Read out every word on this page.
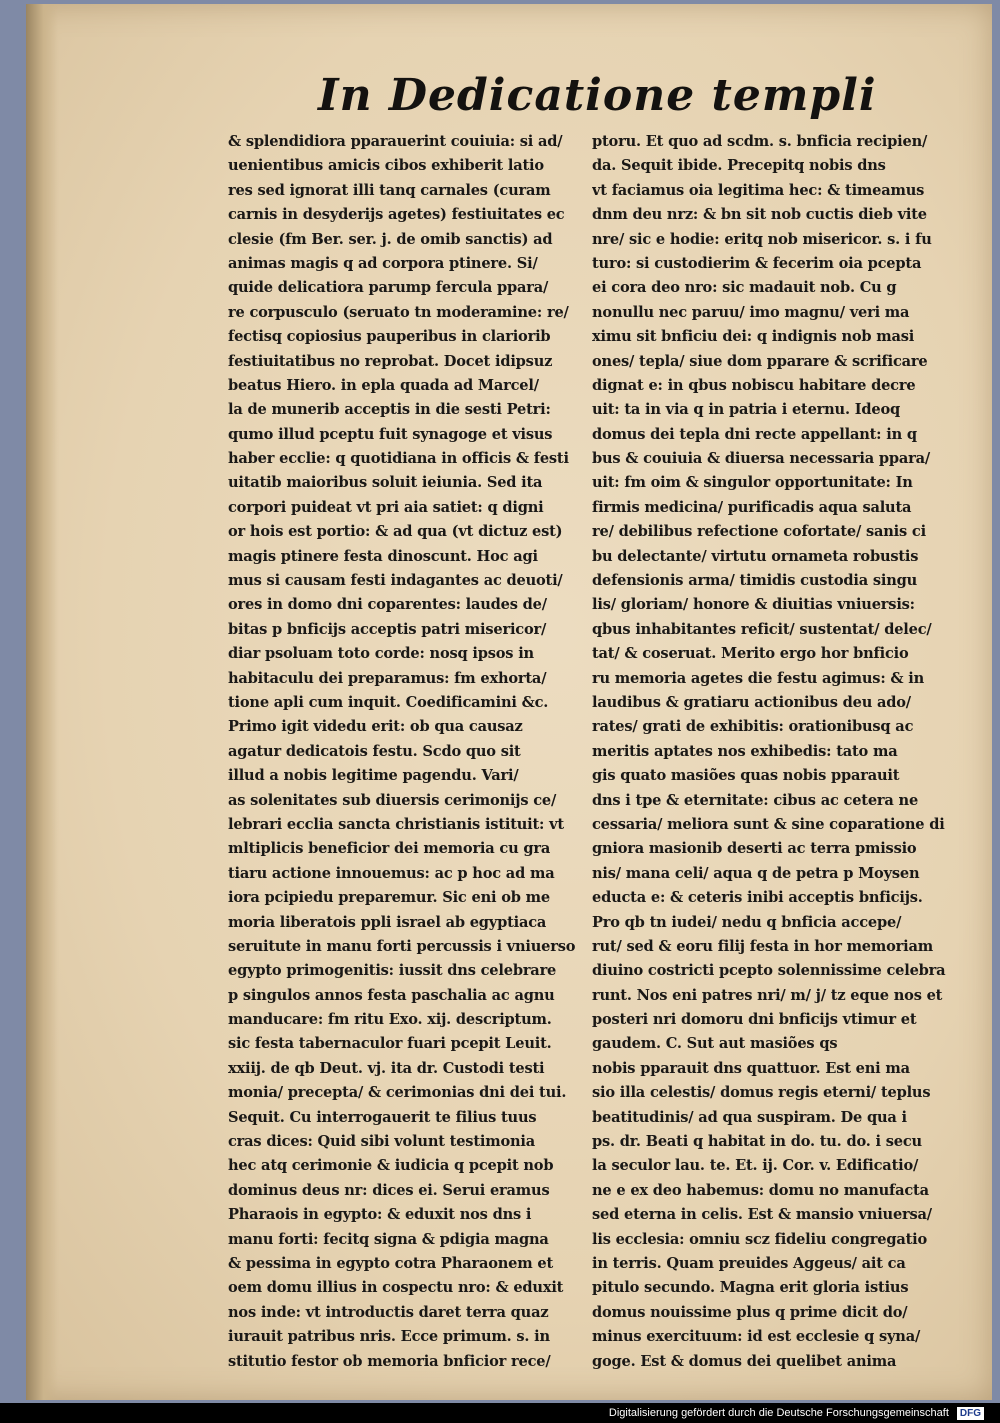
In Dedicatione templi
& splendidiora pparauerint couiuia: si ad/
uenientibus amicis cibos exhiberit latio
res sed ignorat illi tanq carnales (curam
carnis in desyderijs agetes) festiuitates ec
clesie (fm Ber. ser. j. de omib sanctis) ad
animas magis q ad corpora ptinere. Si/
quide delicatiora parump fercula ppara/
re corpusculo (seruato tn moderamine: re/
fectisq copiosius pauperibus in clariorib
festiuitatibus no reprobat. Docet idipsuz
beatus Hiero. in epla quada ad Marcel/
la de munerib acceptis in die sesti Petri:
qumo illud pceptu fuit synagoge et visus
haber ecclie: q quotidiana in officis & festi
uitatib maioribus soluit ieiunia. Sed ita
corpori puideat vt pri aia satiet: q digni
or hois est portio: & ad qua (vt dictuz est)
magis ptinere festa dinoscunt. Hoc agi
mus si causam festi indagantes ac deuoti/
ores in domo dni coparentes: laudes de/
bitas p bnficijs acceptis patri misericor/
diar psoluam toto corde: nosq ipsos in
habitaculu dei preparamus: fm exhorta/
tione apli cum inquit. Coedificamini &c.
Primo igit videdu erit: ob qua causaz
agatur dedicatois festu. Scdo quo sit
illud a nobis legitime pagendu. Vari/
as solenitates sub diuersis cerimonijs ce/
lebrari ecclia sancta christianis istituit: vt
mltiplicis beneficior dei memoria cu gra
tiaru actione innouemus: ac p hoc ad ma
iora pcipiedu preparemur. Sic eni ob me
moria liberatois ppli israel ab egyptiaca
seruitute in manu forti percussis i vniuerso
egypto primogenitis: iussit dns celebrare
p singulos annos festa paschalia ac agnu
manducare: fm ritu Exo. xij. descriptum.
sic festa tabernaculor fuari pcepit Leuit.
xxiij. de qb Deut. vj. ita dr. Custodi testi
monia/ precepta/ & cerimonias dni dei tui.
Sequit. Cu interrogauerit te filius tuus
cras dices: Quid sibi volunt testimonia
hec atq cerimonie & iudicia q pcepit nob
dominus deus nr: dices ei. Serui eramus
Pharaois in egypto: & eduxit nos dns i
manu forti: fecitq signa & pdigia magna
& pessima in egypto cotra Pharaonem et
oem domu illius in cospectu nro: & eduxit
nos inde: vt introductis daret terra quaz
iurauit patribus nris. Ecce primum. s. in
stitutio festor ob memoria bnficior rece/
ptoru. Et quo ad scdm. s. bnficia recipien/
da. Sequit ibide. Precepitq nobis dns
vt faciamus oia legitima hec: & timeamus
dnm deu nrz: & bn sit nob cuctis dieb vite
nre/ sic e hodie: eritq nob misericor. s. i fu
turo: si custodierim & fecerim oia pcepta
ei cora deo nro: sic madauit nob. Cu g
nonullu nec paruu/ imo magnu/ veri ma
ximu sit bnficiu dei: q indignis nob masi
ones/ tepla/ siue dom pparare & scrificare
dignat e: in qbus nobiscu habitare decre
uit: ta in via q in patria i eternu. Ideoq
domus dei tepla dni recte appellant: in q
bus & couiuia & diuersa necessaria ppara/
uit: fm oim & singulor opportunitate: In
firmis medicina/ purificadis aqua saluta
re/ debilibus refectione cofortate/ sanis ci
bu delectante/ virtutu ornameta robustis
defensionis arma/ timidis custodia singu
lis/ gloriam/ honore & diuitias vniuersis:
qbus inhabitantes reficit/ sustentat/ delec/
tat/ & coseruat. Merito ergo hor bnficio
ru memoria agetes die festu agimus: & in
laudibus & gratiaru actionibus deu ado/
rates/ grati de exhibitis: orationibusq ac
meritis aptates nos exhibedis: tato ma
gis quato masiões quas nobis pparauit
dns i tpe & eternitate: cibus ac cetera ne
cessaria/ meliora sunt & sine coparatione di
gniora masionib deserti ac terra pmissio
nis/ mana celi/ aqua q de petra p Moysen
educta e: & ceteris inibi acceptis bnficijs.
Pro qb tn iudei/ nedu q bnficia accepe/
rut/ sed & eoru filij festa in hor memoriam
diuino costricti pcepto solennissime celebra
runt. Nos eni patres nri/ m/ j/ tz eque nos et
posteri nri domoru dni bnficijs vtimur et
gaudem. C. Sut aut masiões qs
nobis pparauit dns quattuor. Est eni ma
sio illa celestis/ domus regis eterni/ teplus
beatitudinis/ ad qua suspiram. De qua i
ps. dr. Beati q habitat in do. tu. do. i secu
la seculor lau. te. Et. ij. Cor. v. Edificatio/
ne e ex deo habemus: domu no manufacta
sed eterna in celis. Est & mansio vniuersa/
lis ecclesia: omniu scz fideliu congregatio
in terris. Quam preuides Aggeus/ ait ca
pitulo secundo. Magna erit gloria istius
domus nouissime plus q prime dicit do/
minus exercituum: id est ecclesie q syna/
goge. Est & domus dei quelibet anima
Digitalisierung gefördert durch die Deutsche Forschungsgemeinschaft	DFG
